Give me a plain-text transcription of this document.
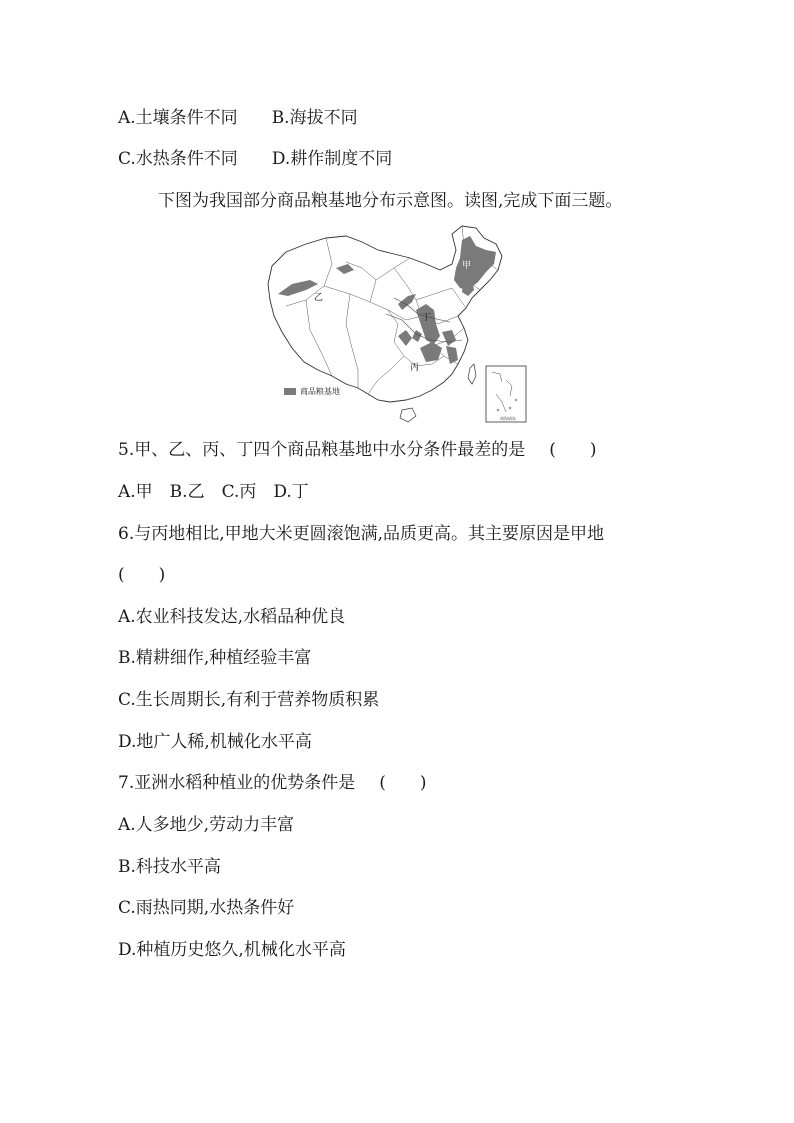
A.土壤条件不同 B.海拔不同
C.水热条件不同 D.耕作制度不同
下图为我国部分商品粮基地分布示意图。读图,完成下面三题。
甲
乙
丁
丙
商品粮基地
南海诸岛
5.甲、乙、丙、丁四个商品粮基地中水分条件最差的是 (　　)
A.甲　B.乙　C.丙　D.丁
6.与丙地相比,甲地大米更圆滚饱满,品质更高。其主要原因是甲地
(　　)
A.农业科技发达,水稻品种优良
B.精耕细作,种植经验丰富
C.生长周期长,有利于营养物质积累
D.地广人稀,机械化水平高
7.亚洲水稻种植业的优势条件是 (　　)
A.人多地少,劳动力丰富
B.科技水平高
C.雨热同期,水热条件好
D.种植历史悠久,机械化水平高
